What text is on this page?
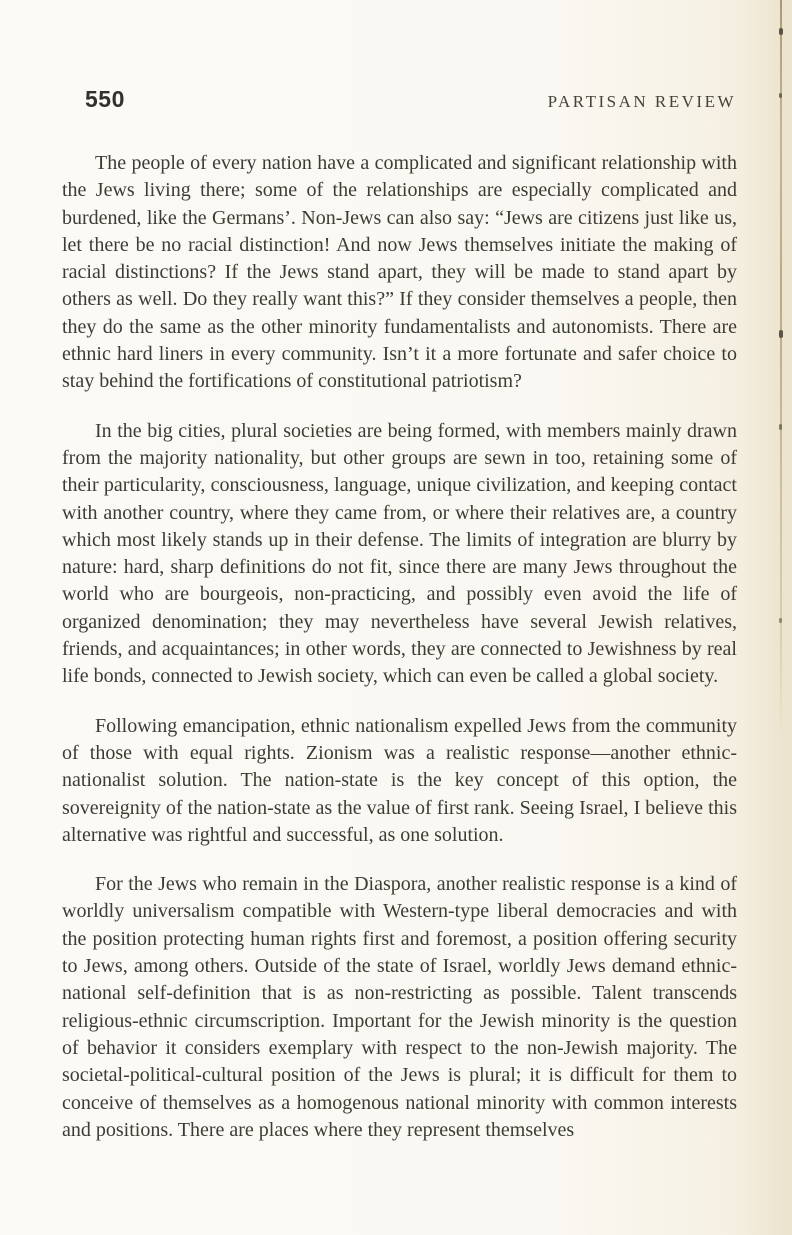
550	PARTISAN REVIEW

The people of every nation have a complicated and significant relationship with the Jews living there; some of the relationships are especially complicated and burdened, like the Germans’. Non-Jews can also say: “Jews are citizens just like us, let there be no racial distinction! And now Jews themselves initiate the making of racial distinctions? If the Jews stand apart, they will be made to stand apart by others as well. Do they really want this?” If they consider themselves a people, then they do the same as the other minority fundamentalists and autonomists. There are ethnic hard liners in every community. Isn’t it a more fortunate and safer choice to stay behind the fortifications of constitutional patriotism?

In the big cities, plural societies are being formed, with members mainly drawn from the majority nationality, but other groups are sewn in too, retaining some of their particularity, consciousness, language, unique civilization, and keeping contact with another country, where they came from, or where their relatives are, a country which most likely stands up in their defense. The limits of integration are blurry by nature: hard, sharp definitions do not fit, since there are many Jews throughout the world who are bourgeois, non-practicing, and possibly even avoid the life of organized denomination; they may nevertheless have several Jewish relatives, friends, and acquaintances; in other words, they are connected to Jewishness by real life bonds, connected to Jewish society, which can even be called a global society.

Following emancipation, ethnic nationalism expelled Jews from the community of those with equal rights. Zionism was a realistic response—another ethnic-nationalist solution. The nation-state is the key concept of this option, the sovereignity of the nation-state as the value of first rank. Seeing Israel, I believe this alternative was rightful and successful, as one solution.

For the Jews who remain in the Diaspora, another realistic response is a kind of worldly universalism compatible with Western-type liberal democracies and with the position protecting human rights first and foremost, a position offering security to Jews, among others. Outside of the state of Israel, worldly Jews demand ethnic-national self-definition that is as non-restricting as possible. Talent transcends religious-ethnic circumscription. Important for the Jewish minority is the question of behavior it considers exemplary with respect to the non-Jewish majority. The societal-political-cultural position of the Jews is plural; it is difficult for them to conceive of themselves as a homogenous national minority with common interests and positions. There are places where they represent themselves
